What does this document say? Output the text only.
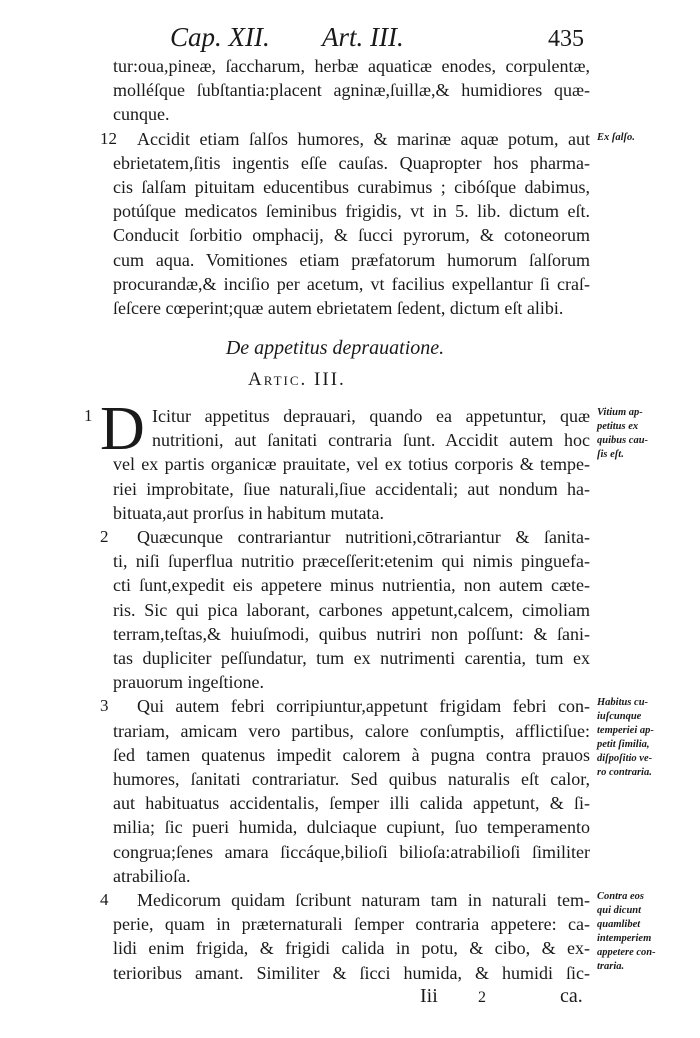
Cap. XII. Art. III.	435
tur:oua,pineæ, ſaccharum, herbæ aquaticæ enodes, corpulentæ,
molléſque ſubſtantia:placent agninæ,ſuillæ,& humidiores quæ-
cunque.
Accidit etiam ſalſos humores, & marinæ aquæ potum, aut
ebrietatem,ſitis ingentis eſſe cauſas. Quapropter hos pharma-
cis ſalſam pituitam educentibus curabimus ; cibóſque dabimus,
potúſque medicatos ſeminibus frigidis, vt in 5. lib. dictum eſt.
Conducit ſorbitio omphacij, & ſucci pyrorum, & cotoneorum
cum aqua. Vomitiones etiam præfatorum humorum ſalſorum
procurandæ,& inciſio per acetum, vt facilius expellantur ſi craſ-
ſeſcere cœperint;quæ autem ebrietatem ſedent, dictum eſt alibi.
12
De appetitus deprauatione.
Artic. III.
D Icitur appetitus deprauari, quando ea appetuntur, quæ
nutritioni, aut ſanitati contraria ſunt. Accidit autem hoc
vel ex partis organicæ prauitate, vel ex totius corporis & tempe-
riei improbitate, ſiue naturali,ſiue accidentali; aut nondum ha-
bituata,aut prorſus in habitum mutata.
Quæcunque contrariantur nutritioni,cōtrariantur & ſanita-
ti, niſi ſuperflua nutritio præceſſerit:etenim qui nimis pinguefa-
cti ſunt,expedit eis appetere minus nutrientia, non autem cæte-
ris. Sic qui pica laborant, carbones appetunt,calcem, cimoliam
terram,teſtas,& huiuſmodi, quibus nutriri non poſſunt: & ſani-
tas dupliciter peſſundatur, tum ex nutrimenti carentia, tum ex
prauorum ingeſtione.
Qui autem febri corripiuntur,appetunt frigidam febri con-
trariam, amicam vero partibus, calore conſumptis, afflictiſue:
ſed tamen quatenus impedit calorem à pugna contra prauos
humores, ſanitati contrariatur. Sed quibus naturalis eſt calor,
aut habituatus accidentalis, ſemper illi calida appetunt, & ſi-
milia; ſic pueri humida, dulciaque cupiunt, ſuo temperamento
congrua;ſenes amara ſiccáque,bilioſi bilioſa:atrabilioſi ſimiliter
atrabilioſa.
Medicorum quidam ſcribunt naturam tam in naturali tem-
perie, quam in præternaturali ſemper contraria appetere: ca-
lidi enim frigida, & frigidi calida in potu, & cibo, & ex-
terioribus amant. Similiter & ſicci humida, & humidi ſic-
1
2
3
4
Iii	2	ca.
Ex ſalſo.
Vitium ap-
petitus ex
quibus cau-
ſis eſt.
Habitus cu-
iuſcunque
temperiei ap-
petit ſimilia,
diſpoſitio ve-
ro contraria.
Contra eos
qui dicunt
quamlibet
intemperiem
appetere con-
traria.
